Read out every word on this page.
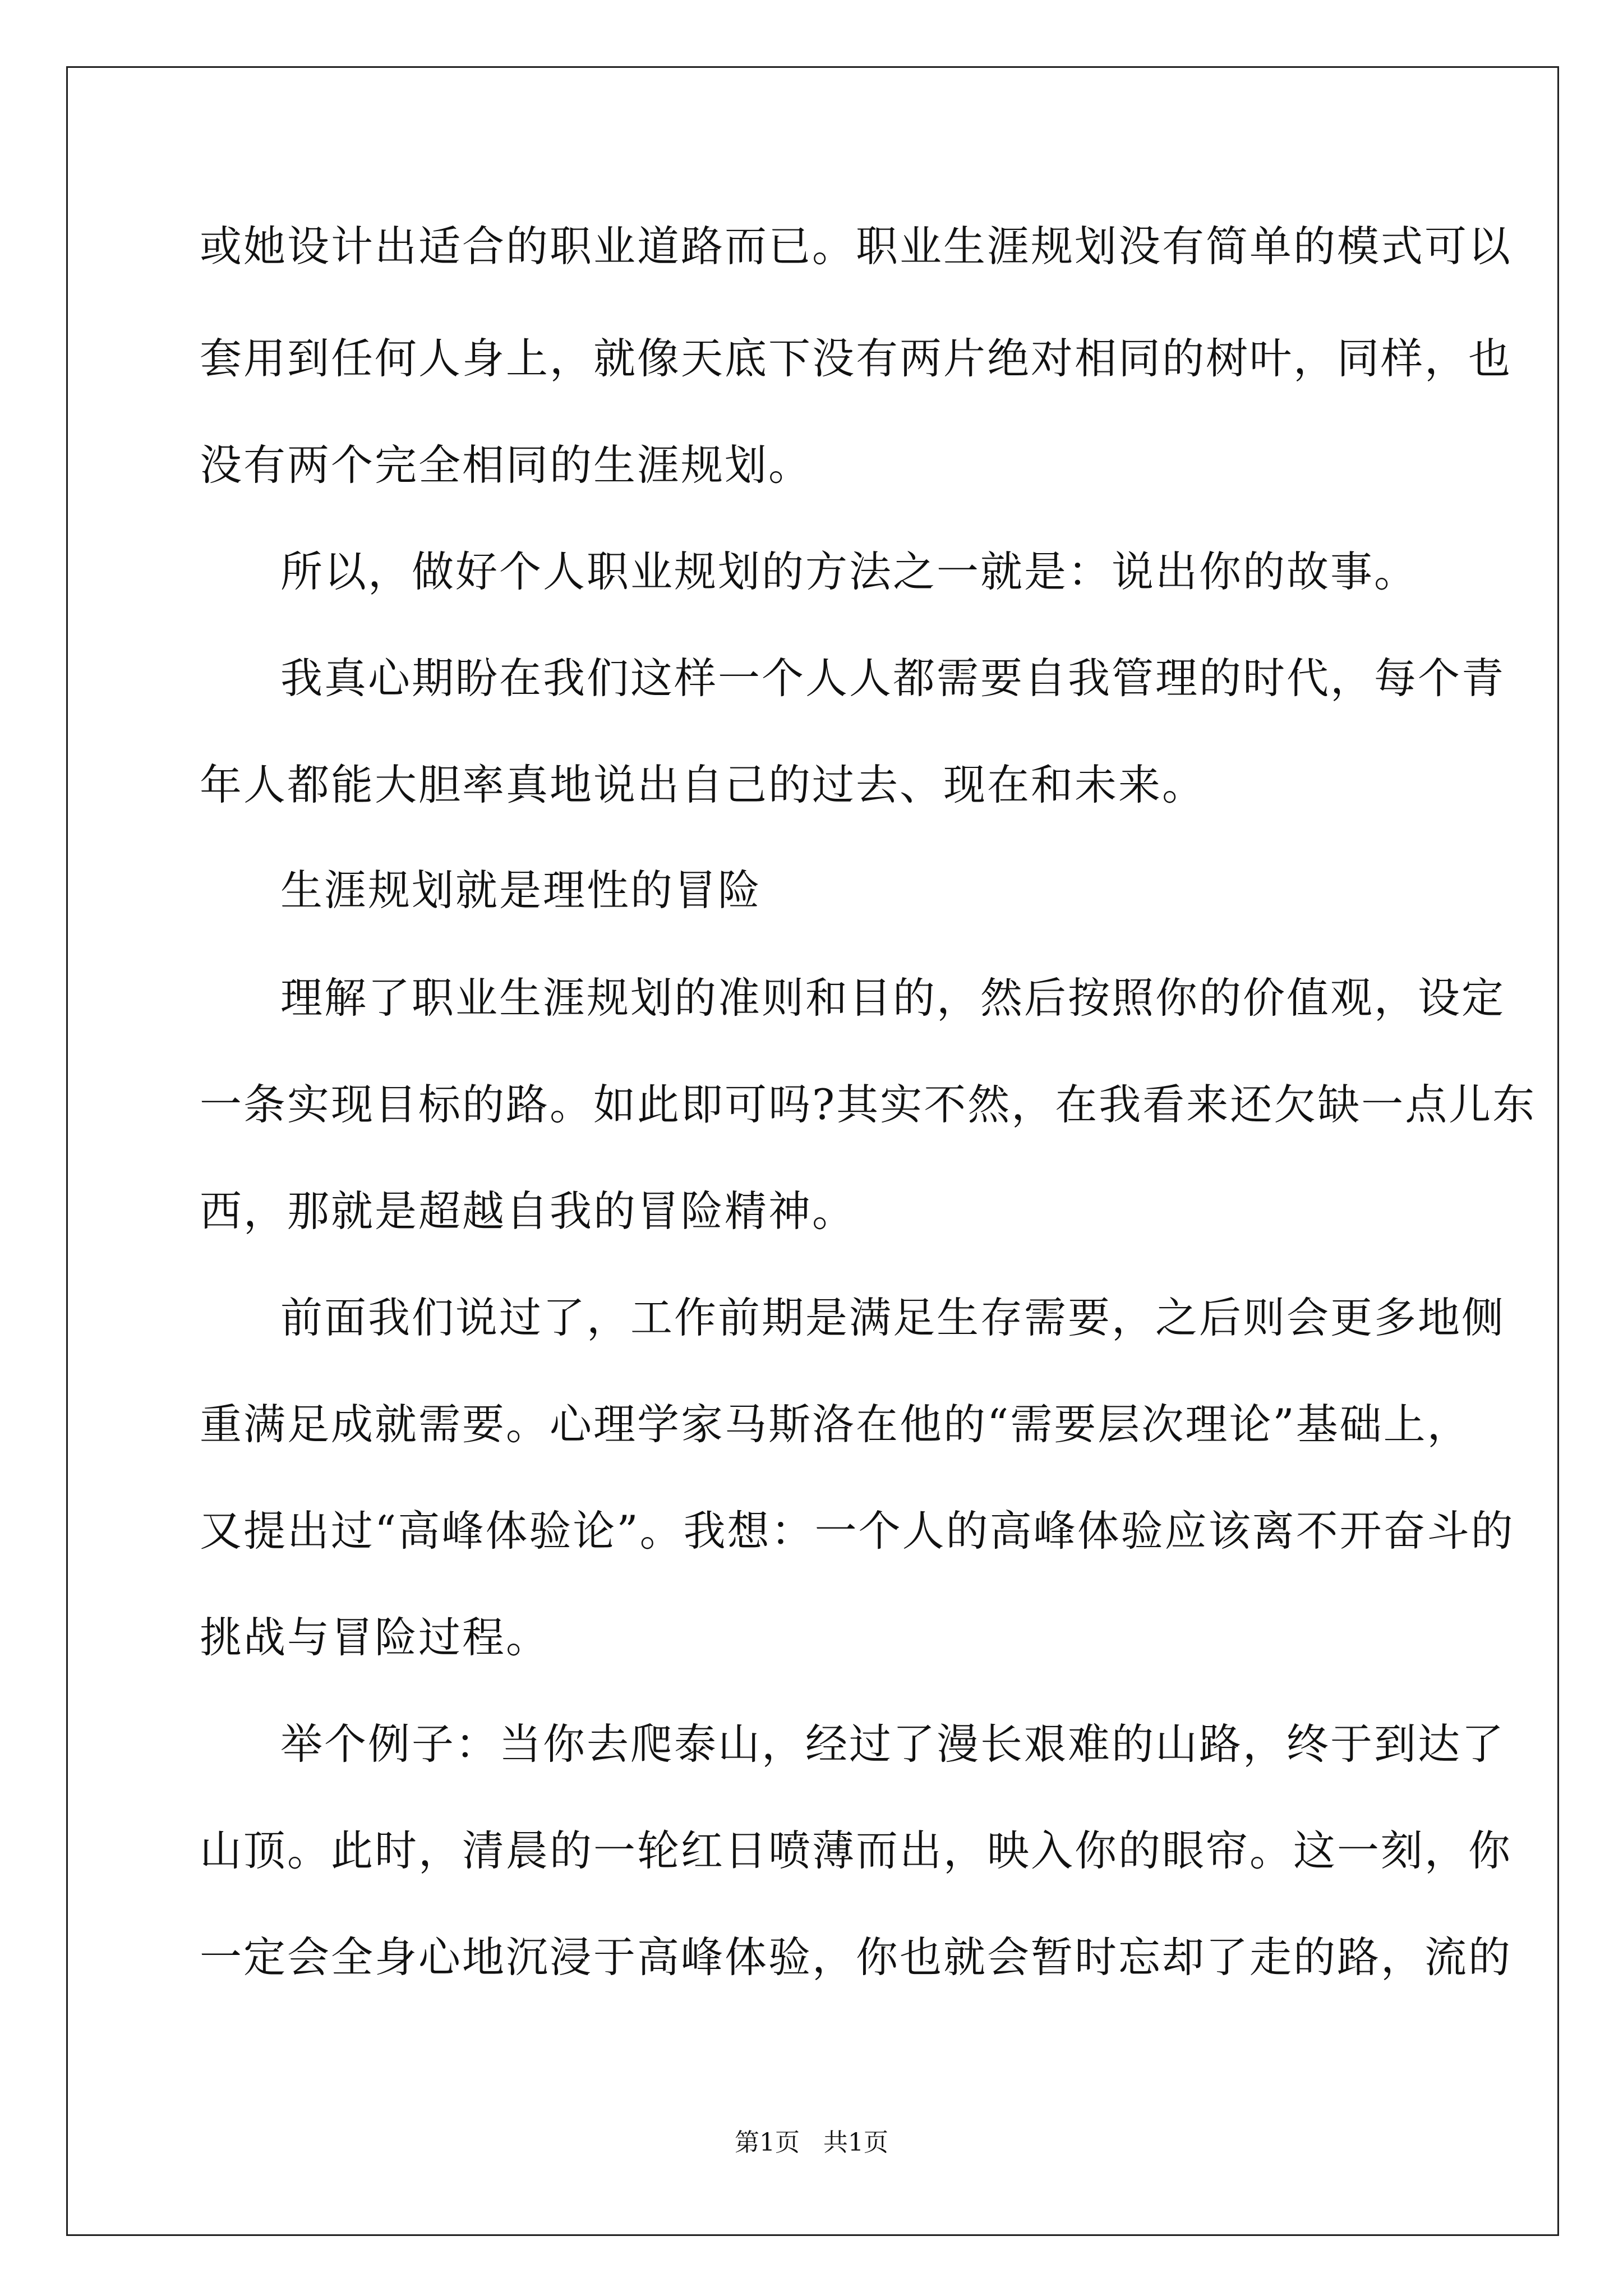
或她设计出适合的职业道路而已。职业生涯规划没有简单的模式可以
套用到任何人身上，就像天底下没有两片绝对相同的树叶，同样，也
没有两个完全相同的生涯规划。
所以，做好个人职业规划的方法之一就是：说出你的故事。
我真心期盼在我们这样一个人人都需要自我管理的时代，每个青
年人都能大胆率真地说出自己的过去、现在和未来。
生涯规划就是理性的冒险
理解了职业生涯规划的准则和目的，然后按照你的价值观，设定
一条实现目标的路。如此即可吗?其实不然，在我看来还欠缺一点儿东
西，那就是超越自我的冒险精神。
前面我们说过了，工作前期是满足生存需要，之后则会更多地侧
重满足成就需要。心理学家马斯洛在他的“需要层次理论”基础上，
又提出过“高峰体验论”。我想：一个人的高峰体验应该离不开奋斗的
挑战与冒险过程。
举个例子：当你去爬泰山，经过了漫长艰难的山路，终于到达了
山顶。此时，清晨的一轮红日喷薄而出，映入你的眼帘。这一刻，你
一定会全身心地沉浸于高峰体验，你也就会暂时忘却了走的路，流的
第1页   共1页
